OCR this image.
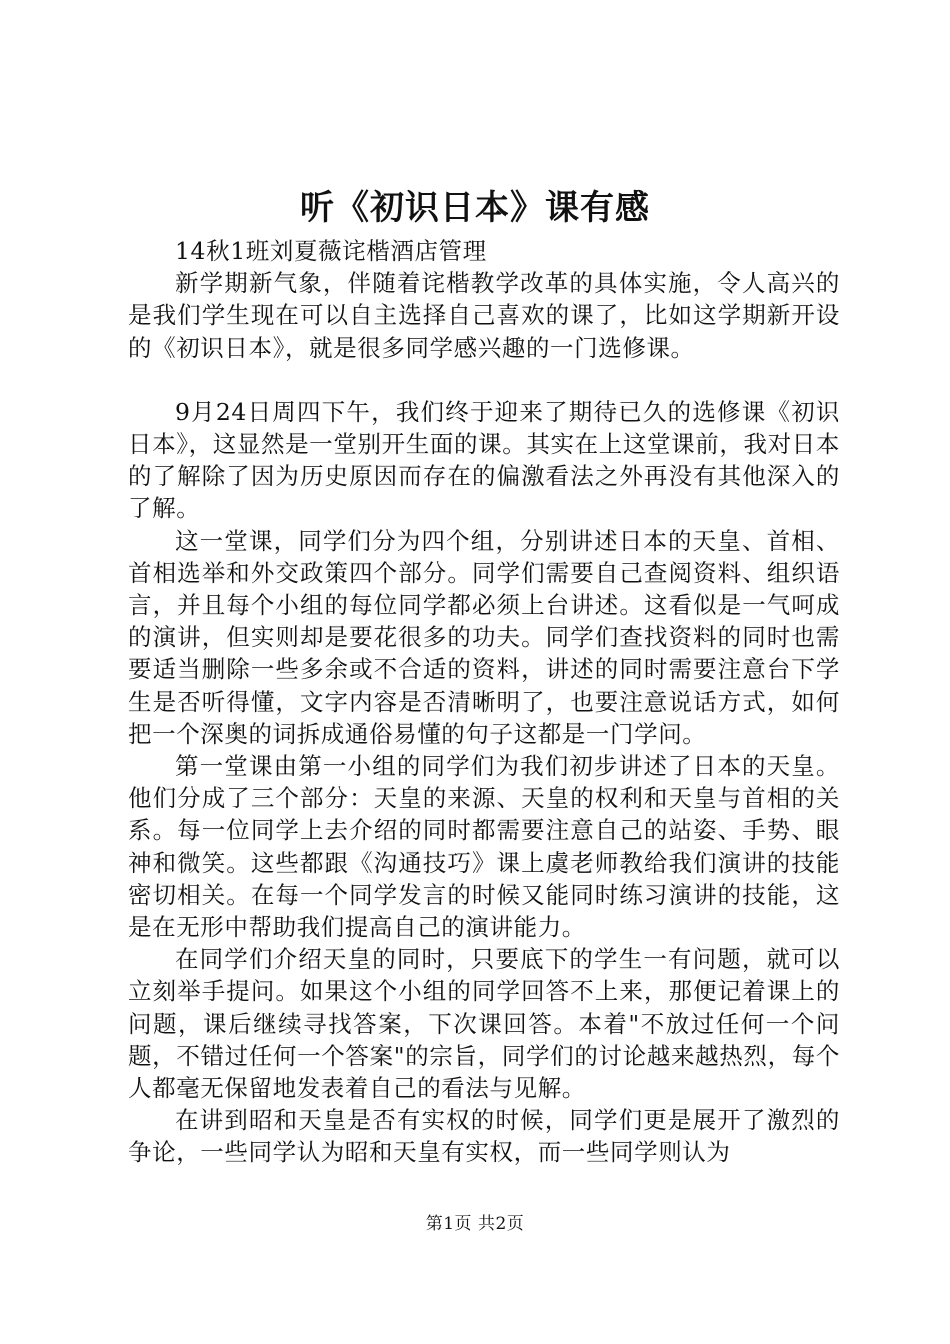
听《初识日本》课有感

14秋1班刘夏薇诧楷酒店管理

新学期新气象，伴随着诧楷教学改革的具体实施，令人高兴的是我们学生现在可以自主选择自己喜欢的课了，比如这学期新开设的《初识日本》，就是很多同学感兴趣的一门选修课。

9月24日周四下午，我们终于迎来了期待已久的选修课《初识日本》，这显然是一堂别开生面的课。其实在上这堂课前，我对日本的了解除了因为历史原因而存在的偏激看法之外再没有其他深入的了解。

这一堂课，同学们分为四个组，分别讲述日本的天皇、首相、首相选举和外交政策四个部分。同学们需要自己查阅资料、组织语言，并且每个小组的每位同学都必须上台讲述。这看似是一气呵成的演讲，但实则却是要花很多的功夫。同学们查找资料的同时也需要适当删除一些多余或不合适的资料，讲述的同时需要注意台下学生是否听得懂，文字内容是否清晰明了，也要注意说话方式，如何把一个深奥的词拆成通俗易懂的句子这都是一门学问。

第一堂课由第一小组的同学们为我们初步讲述了日本的天皇。他们分成了三个部分：天皇的来源、天皇的权利和天皇与首相的关系。每一位同学上去介绍的同时都需要注意自己的站姿、手势、眼神和微笑。这些都跟《沟通技巧》课上虞老师教给我们演讲的技能密切相关。在每一个同学发言的时候又能同时练习演讲的技能，这是在无形中帮助我们提高自己的演讲能力。

在同学们介绍天皇的同时，只要底下的学生一有问题，就可以立刻举手提问。如果这个小组的同学回答不上来，那便记着课上的问题，课后继续寻找答案，下次课回答。本着"不放过任何一个问题，不错过任何一个答案"的宗旨，同学们的讨论越来越热烈，每个人都毫无保留地发表着自己的看法与见解。

在讲到昭和天皇是否有实权的时候，同学们更是展开了激烈的争论，一些同学认为昭和天皇有实权，而一些同学则认为

第1页 共2页
